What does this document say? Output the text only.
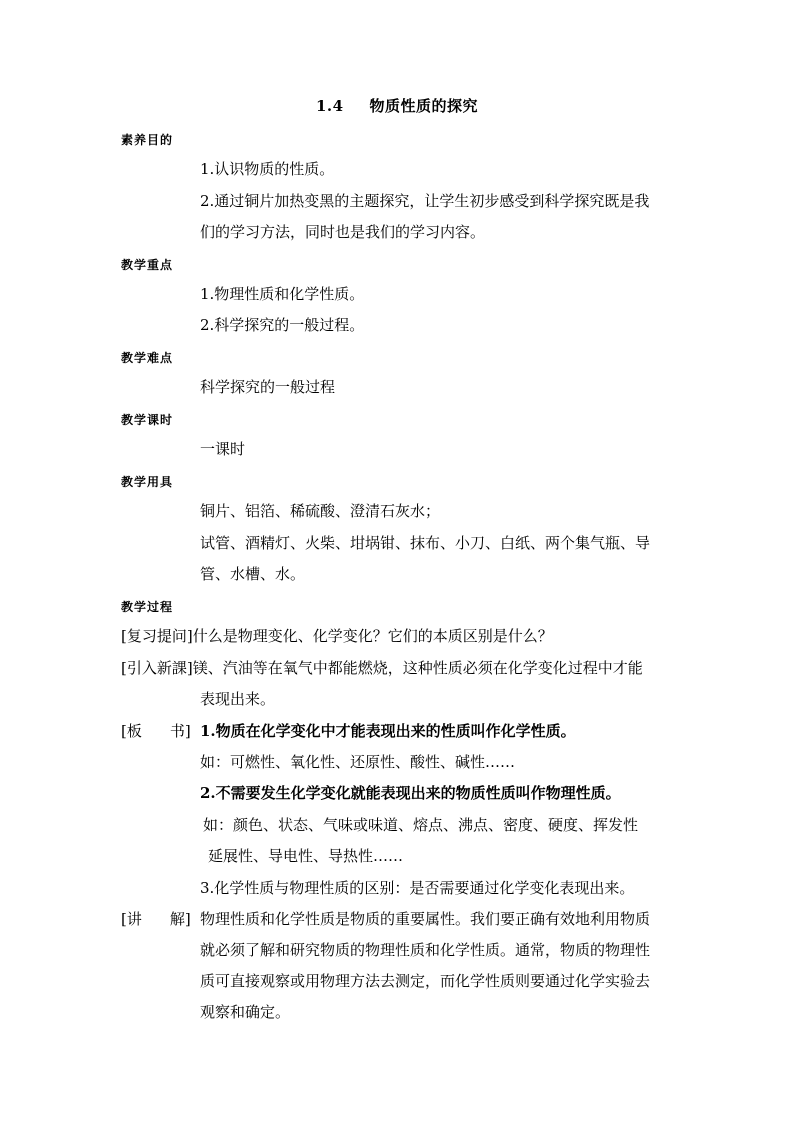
1.4 物质性质的探究
素养目的
1.认识物质的性质。
2.通过铜片加热变黑的主题探究，让学生初步感受到科学探究既是我
们的学习方法，同时也是我们的学习内容。
教学重点
1.物理性质和化学性质。
2.科学探究的一般过程。
教学难点
科学探究的一般过程
教学课时
一课时
教学用具
铜片、铝箔、稀硫酸、澄清石灰水；
试管、酒精灯、火柴、坩埚钳、抹布、小刀、白纸、两个集气瓶、导
管、水槽、水。
教学过程
[复习提问]什么是物理变化、化学变化？它们的本质区别是什么？
[引入新課]镁、汽油等在氧气中都能燃烧，这种性质必须在化学变化过程中才能
表现出来。
[板 书] 1.物质在化学变化中才能表现出来的性质叫作化学性质。
如：可燃性、氧化性、还原性、酸性、碱性……
2.不需要发生化学变化就能表现出来的物质性质叫作物理性质。
如：颜色、状态、气味或味道、熔点、沸点、密度、硬度、挥发性
延展性、导电性、导热性……
3.化学性质与物理性质的区别：是否需要通过化学变化表现出来。
[讲 解] 物理性质和化学性质是物质的重要属性。我们要正确有效地利用物质
就必须了解和研究物质的物理性质和化学性质。通常，物质的物理性
质可直接观察或用物理方法去测定，而化学性质则要通过化学实验去
观察和确定。
